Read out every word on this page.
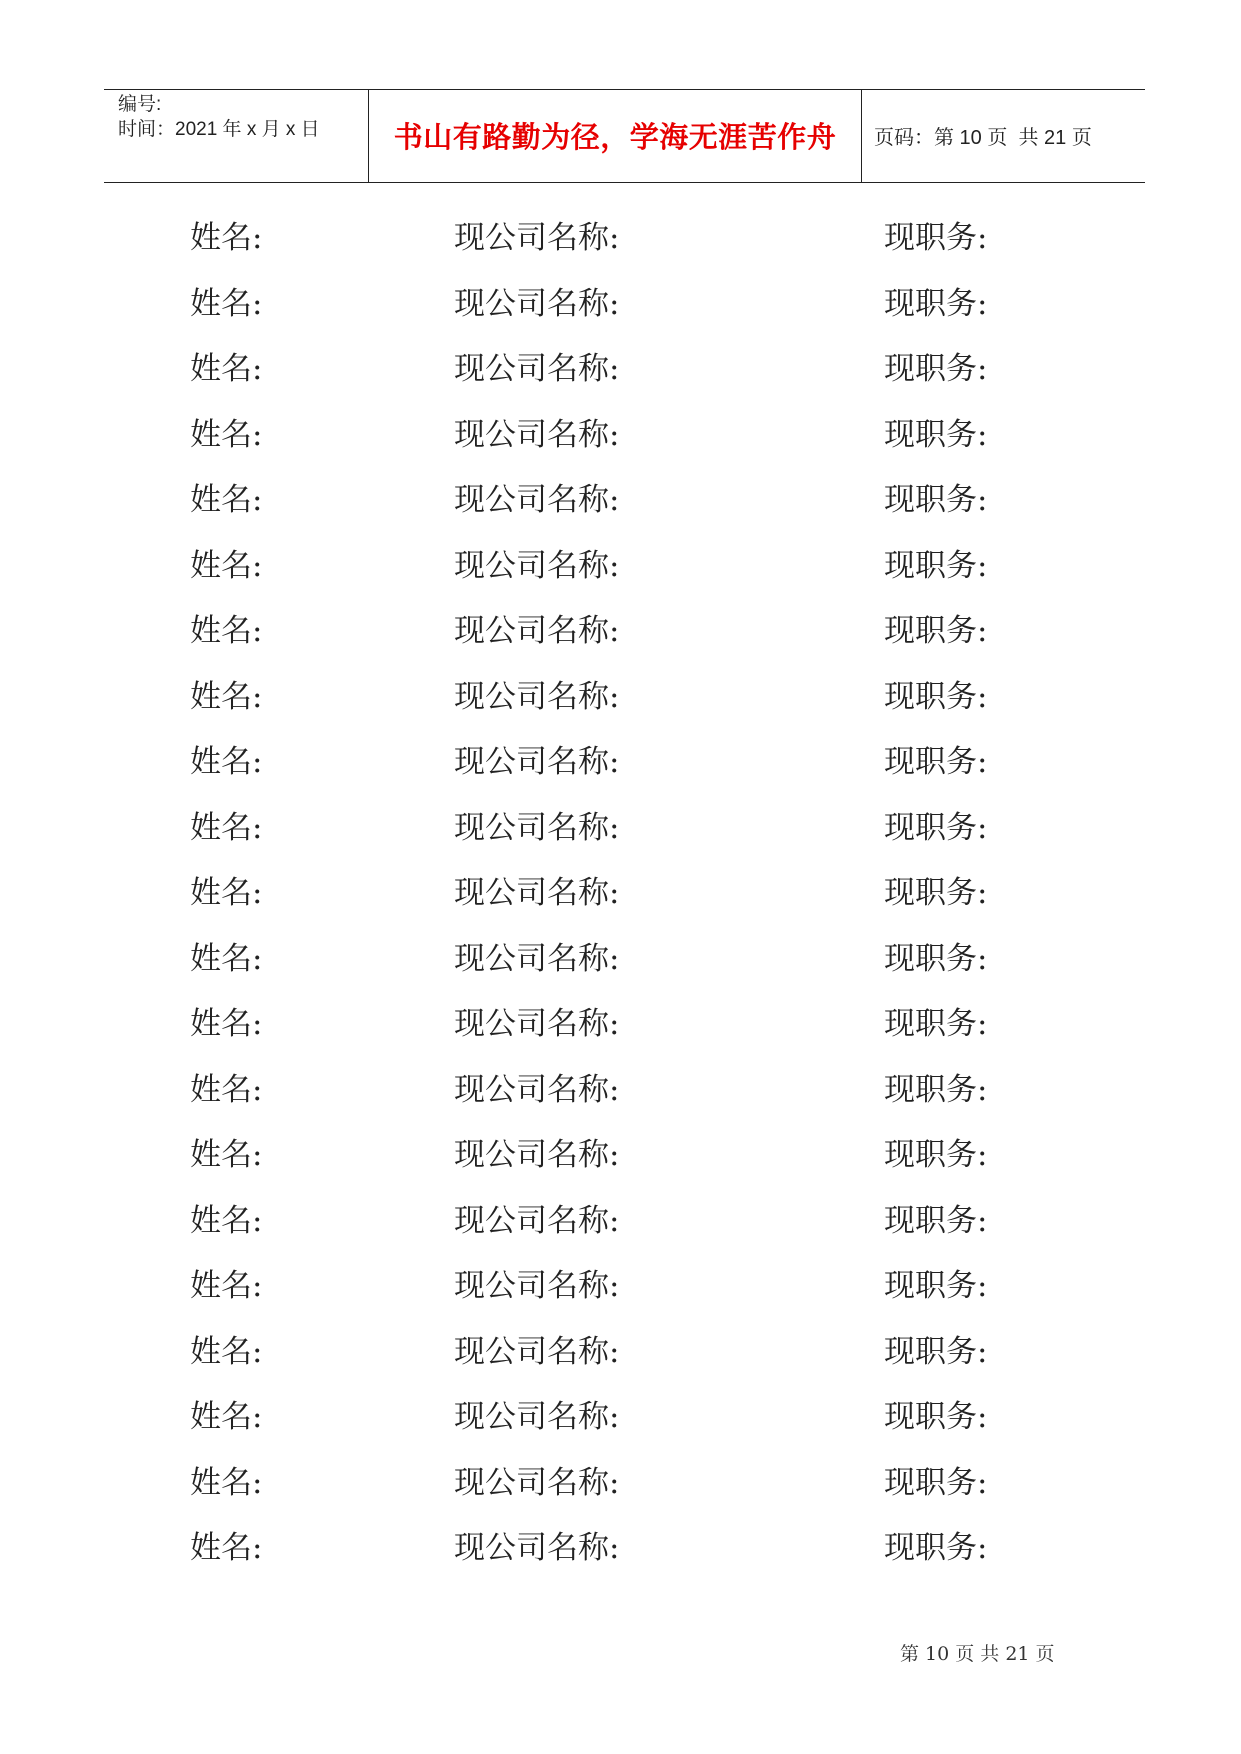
编号:
时间：2021 年 x 月 x 日	书山有路勤为径，学海无涯苦作舟	页码：第 10 页  共 21 页
姓名:	现公司名称:	现职务:
姓名:	现公司名称:	现职务:
姓名:	现公司名称:	现职务:
姓名:	现公司名称:	现职务:
姓名:	现公司名称:	现职务:
姓名:	现公司名称:	现职务:
姓名:	现公司名称:	现职务:
姓名:	现公司名称:	现职务:
姓名:	现公司名称:	现职务:
姓名:	现公司名称:	现职务:
姓名:	现公司名称:	现职务:
姓名:	现公司名称:	现职务:
姓名:	现公司名称:	现职务:
姓名:	现公司名称:	现职务:
姓名:	现公司名称:	现职务:
姓名:	现公司名称:	现职务:
姓名:	现公司名称:	现职务:
姓名:	现公司名称:	现职务:
姓名:	现公司名称:	现职务:
姓名:	现公司名称:	现职务:
姓名:	现公司名称:	现职务:
第 10 页 共 21 页
